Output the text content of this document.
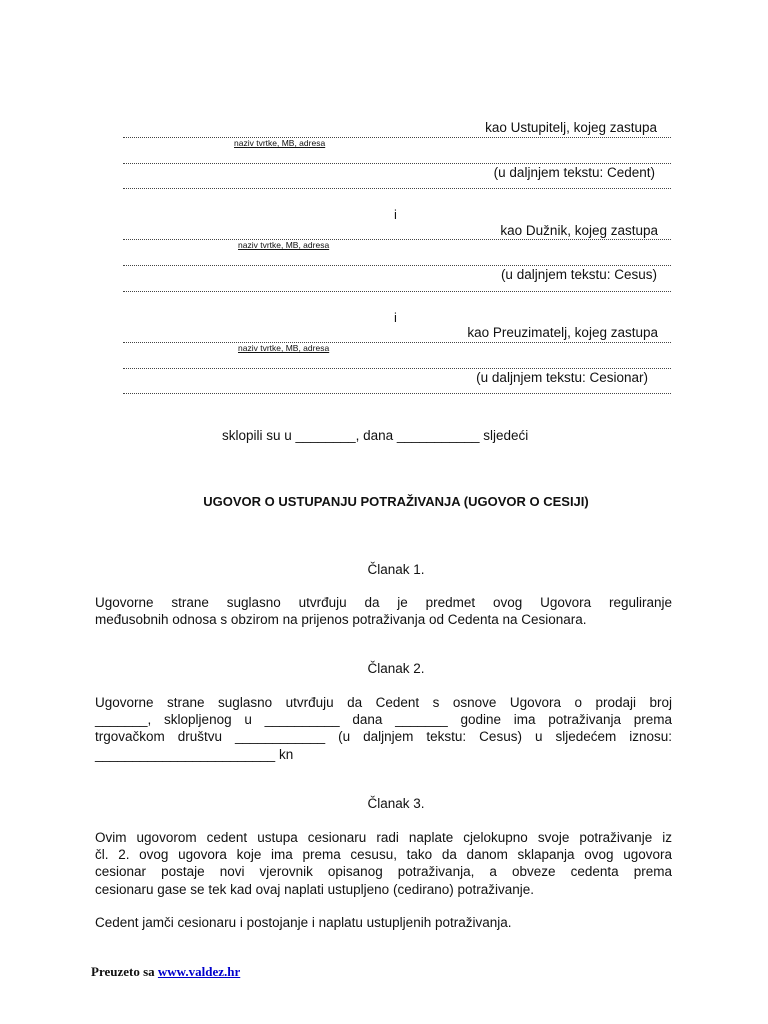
kao Ustupitelj, kojeg zastupa
naziv tvrtke, MB, adresa
(u daljnjem tekstu: Cedent)
i
kao Dužnik, kojeg zastupa
naziv tvrtke, MB, adresa
(u daljnjem tekstu: Cesus)
i
kao Preuzimatelj, kojeg zastupa
naziv tvrtke, MB, adresa
(u daljnjem tekstu: Cesionar)
sklopili su u ________, dana ___________ sljedeći
UGOVOR O USTUPANJU POTRAŽIVANJA (UGOVOR O CESIJI)
Članak 1.
Ugovorne strane suglasno utvrđuju da je predmet ovog Ugovora reguliranje
međusobnih odnosa s obzirom na prijenos potraživanja od Cedenta na Cesionara.
Članak 2.
Ugovorne strane suglasno utvrđuju da Cedent s osnove Ugovora o prodaji broj
_______, sklopljenog u __________ dana _______ godine ima potraživanja prema
trgovačkom društvu ____________ (u daljnjem tekstu: Cesus) u sljedećem iznosu:
________________________ kn
Članak 3.
Ovim ugovorom cedent ustupa cesionaru radi naplate cjelokupno svoje potraživanje iz
čl. 2. ovog ugovora koje ima prema cesusu, tako da danom sklapanja ovog ugovora
cesionar postaje novi vjerovnik opisanog potraživanja, a obveze cedenta prema
cesionaru gase se tek kad ovaj naplati ustupljeno (cedirano) potraživanje.
Cedent jamči cesionaru i postojanje i naplatu ustupljenih potraživanja.
Preuzeto sa www.valdez.hr
